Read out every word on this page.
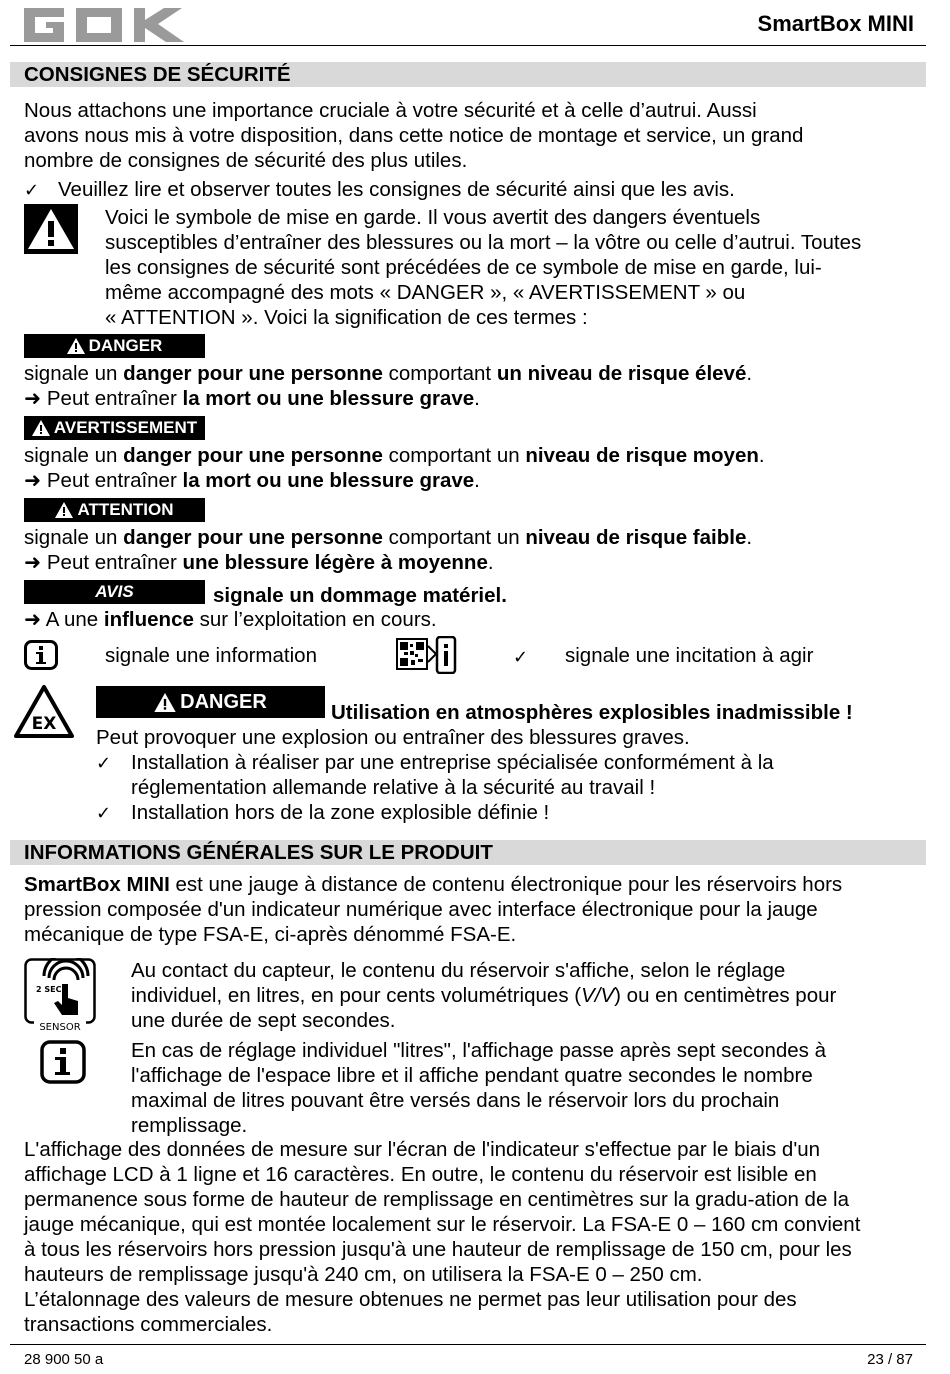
SmartBox MINI
CONSIGNES DE SÉCURITÉ
Nous attachons une importance cruciale à votre sécurité et à celle d’autrui. Aussi
avons nous mis à votre disposition, dans cette notice de montage et service, un grand
nombre de consignes de sécurité des plus utiles.
✓ Veuillez lire et observer toutes les consignes de sécurité ainsi que les avis.
Voici le symbole de mise en garde. Il vous avertit des dangers éventuels
susceptibles d’entraîner des blessures ou la mort – la vôtre ou celle d’autrui. Toutes
les consignes de sécurité sont précédées de ce symbole de mise en garde, lui-
même accompagné des mots « DANGER », « AVERTISSEMENT » ou
« ATTENTION ». Voici la signification de ces termes :
DANGER
signale un danger pour une personne comportant un niveau de risque élevé.
➜ Peut entraîner la mort ou une blessure grave.
AVERTISSEMENT
signale un danger pour une personne comportant un niveau de risque moyen.
➜ Peut entraîner la mort ou une blessure grave.
ATTENTION
signale un danger pour une personne comportant un niveau de risque faible.
➜ Peut entraîner une blessure légère à moyenne.
AVIS	signale un dommage matériel.
➜ A une influence sur l’exploitation en cours.
signale une information	✓ signale une incitation à agir
EX
DANGER	Utilisation en atmosphères explosibles inadmissible !
Peut provoquer une explosion ou entraîner des blessures graves.
✓ Installation à réaliser par une entreprise spécialisée conformément à la
réglementation allemande relative à la sécurité au travail !
✓ Installation hors de la zone explosible définie !
INFORMATIONS GÉNÉRALES SUR LE PRODUIT
SmartBox MINI est une jauge à distance de contenu électronique pour les réservoirs hors
pression composée d'un indicateur numérique avec interface électronique pour la jauge
mécanique de type FSA-E, ci-après dénommé FSA-E.
2 SEC
SENSOR
Au contact du capteur, le contenu du réservoir s'affiche, selon le réglage
individuel, en litres, en pour cents volumétriques (V/V) ou en centimètres pour
une durée de sept secondes.
En cas de réglage individuel "litres", l'affichage passe après sept secondes à
l'affichage de l'espace libre et il affiche pendant quatre secondes le nombre
maximal de litres pouvant être versés dans le réservoir lors du prochain
remplissage.
L'affichage des données de mesure sur l'écran de l'indicateur s'effectue par le biais d'un
affichage LCD à 1 ligne et 16 caractères. En outre, le contenu du réservoir est lisible en
permanence sous forme de hauteur de remplissage en centimètres sur la gradu-ation de la
jauge mécanique, qui est montée localement sur le réservoir. La FSA-E 0 – 160 cm convient
à tous les réservoirs hors pression jusqu'à une hauteur de remplissage de 150 cm, pour les
hauteurs de remplissage jusqu'à 240 cm, on utilisera la FSA-E 0 – 250 cm.
L’étalonnage des valeurs de mesure obtenues ne permet pas leur utilisation pour des
transactions commerciales.
28 900 50 a	23 / 87
